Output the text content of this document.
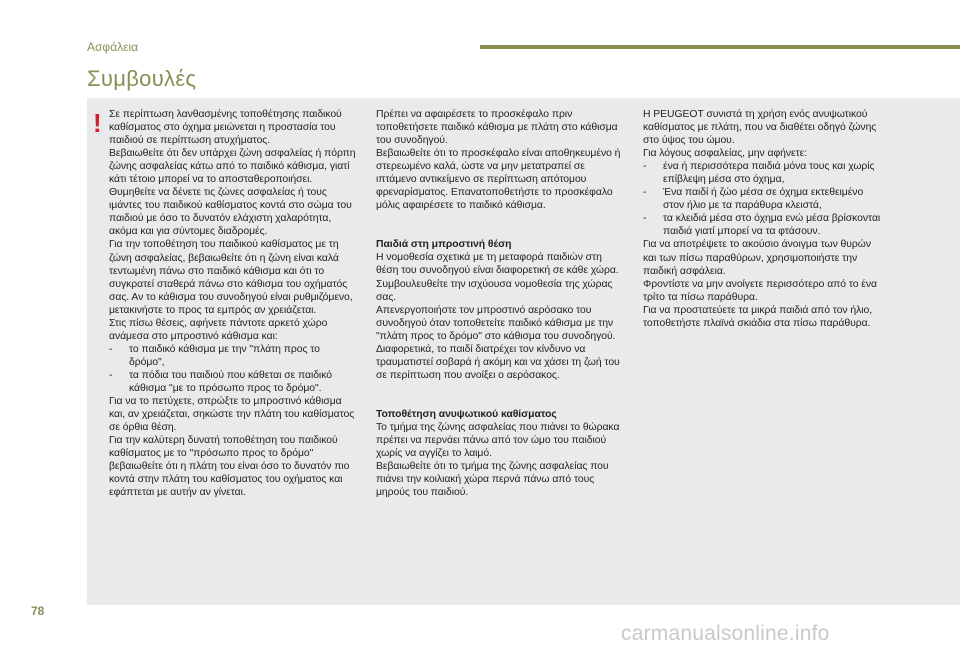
Ασφάλεια
Συμβουλές
! Σε περίπτωση λανθασμένης τοποθέτησης παιδικού καθίσματος στο όχημα μειώνεται η προστασία του παιδιού σε περίπτωση ατυχήματος.

Βεβαιωθείτε ότι δεν υπάρχει ζώνη ασφαλείας ή πόρπη ζώνης ασφαλείας κάτω από το παιδικό κάθισμα, γιατί κάτι τέτοιο μπορεί να το αποσταθεροποιήσει.

Θυμηθείτε να δένετε τις ζώνες ασφαλείας ή τους ιμάντες του παιδικού καθίσματος κοντά στο σώμα του παιδιού με όσο το δυνατόν ελάχιστη χαλαρότητα, ακόμα και για σύντομες διαδρομές.

Για την τοποθέτηση του παιδικού καθίσματος με τη ζώνη ασφαλείας, βεβαιωθείτε ότι η ζώνη είναι καλά τεντωμένη πάνω στο παιδικό κάθισμα και ότι το συγκρατεί σταθερά πάνω στο κάθισμα του οχήματός σας. Αν το κάθισμα του συνοδηγού είναι ρυθμιζόμενο, μετακινήστε το προς τα εμπρός αν χρειάζεται.

Στις πίσω θέσεις, αφήνετε πάντοτε αρκετό χώρο ανάμεσα στο μπροστινό κάθισμα και:

-	το παιδικό κάθισμα με την "πλάτη προς το δρόμο",
-	τα πόδια του παιδιού που κάθεται σε παιδικό κάθισμα "με το πρόσωπο προς το δρόμο".

Για να το πετύχετε, σπρώξτε το μπροστινό κάθισμα και, αν χρειάζεται, σηκώστε την πλάτη του καθίσματος σε όρθια θέση.

Για την καλύτερη δυνατή τοποθέτηση του παιδικού καθίσματος με το "πρόσωπο προς το δρόμο" βεβαιωθείτε ότι η πλάτη του είναι όσο το δυνατόν πιο κοντά στην πλάτη του καθίσματος του οχήματος και εφάπτεται με αυτήν αν γίνεται.

Πρέπει να αφαιρέσετε το προσκέφαλο πριν τοποθετήσετε παιδικό κάθισμα με πλάτη στο κάθισμα του συνοδηγού.

Βεβαιωθείτε ότι το προσκέφαλο είναι αποθηκευμένο ή στερεωμένο καλά, ώστε να μην μετατραπεί σε ιπτάμενο αντικείμενο σε περίπτωση απότομου φρεναρίσματος. Επανατοποθετήστε το προσκέφαλο μόλις αφαιρέσετε το παιδικό κάθισμα.

Παιδιά στη μπροστινή θέση

Η νομοθεσία σχετικά με τη μεταφορά παιδιών στη θέση του συνοδηγού είναι διαφορετική σε κάθε χώρα. Συμβουλευθείτε την ισχύουσα νομοθεσία της χώρας σας.

Απενεργοποιήστε τον μπροστινό αερόσακο του συνοδηγού όταν τοποθετείτε παιδικό κάθισμα με την "πλάτη προς το δρόμο" στο κάθισμα του συνοδηγού. Διαφορετικά, το παιδί διατρέχει τον κίνδυνο να τραυματιστεί σοβαρά ή ακόμη και να χάσει τη ζωή του σε περίπτωση που ανοίξει ο αερόσακος.

Τοποθέτηση ανυψωτικού καθίσματος

Το τμήμα της ζώνης ασφαλείας που πιάνει το θώρακα πρέπει να περνάει πάνω από τον ώμο του παιδιού χωρίς να αγγίζει το λαιμό.

Βεβαιωθείτε ότι το τμήμα της ζώνης ασφαλείας που πιάνει την κοιλιακή χώρα περνά πάνω από τους μηρούς του παιδιού.

Η PEUGEOT συνιστά τη χρήση ενός ανυψωτικού καθίσματος με πλάτη, που να διαθέτει οδηγό ζώνης στο ύψος του ώμου.

Για λόγους ασφαλείας, μην αφήνετε:

-	ένα ή περισσότερα παιδιά μόνα τους και χωρίς επίβλεψη μέσα στο όχημα,
-	Ένα παιδί ή ζώο μέσα σε όχημα εκτεθειμένο στον ήλιο με τα παράθυρα κλειστά,
-	τα κλειδιά μέσα στο όχημα ενώ μέσα βρίσκονται παιδιά γιατί μπορεί να τα φτάσουν.

Για να αποτρέψετε το ακούσιο άνοιγμα των θυρών και των πίσω παραθύρων, χρησιμοποιήστε την παιδική ασφάλεια.

Φροντίστε να μην ανοίγετε περισσότερο από το ένα τρίτο τα πίσω παράθυρα.

Για να προστατεύετε τα μικρά παιδιά από τον ήλιο, τοποθετήστε πλαϊνά σκιάδια στα πίσω παράθυρα.

78
carmanualsonline.info
